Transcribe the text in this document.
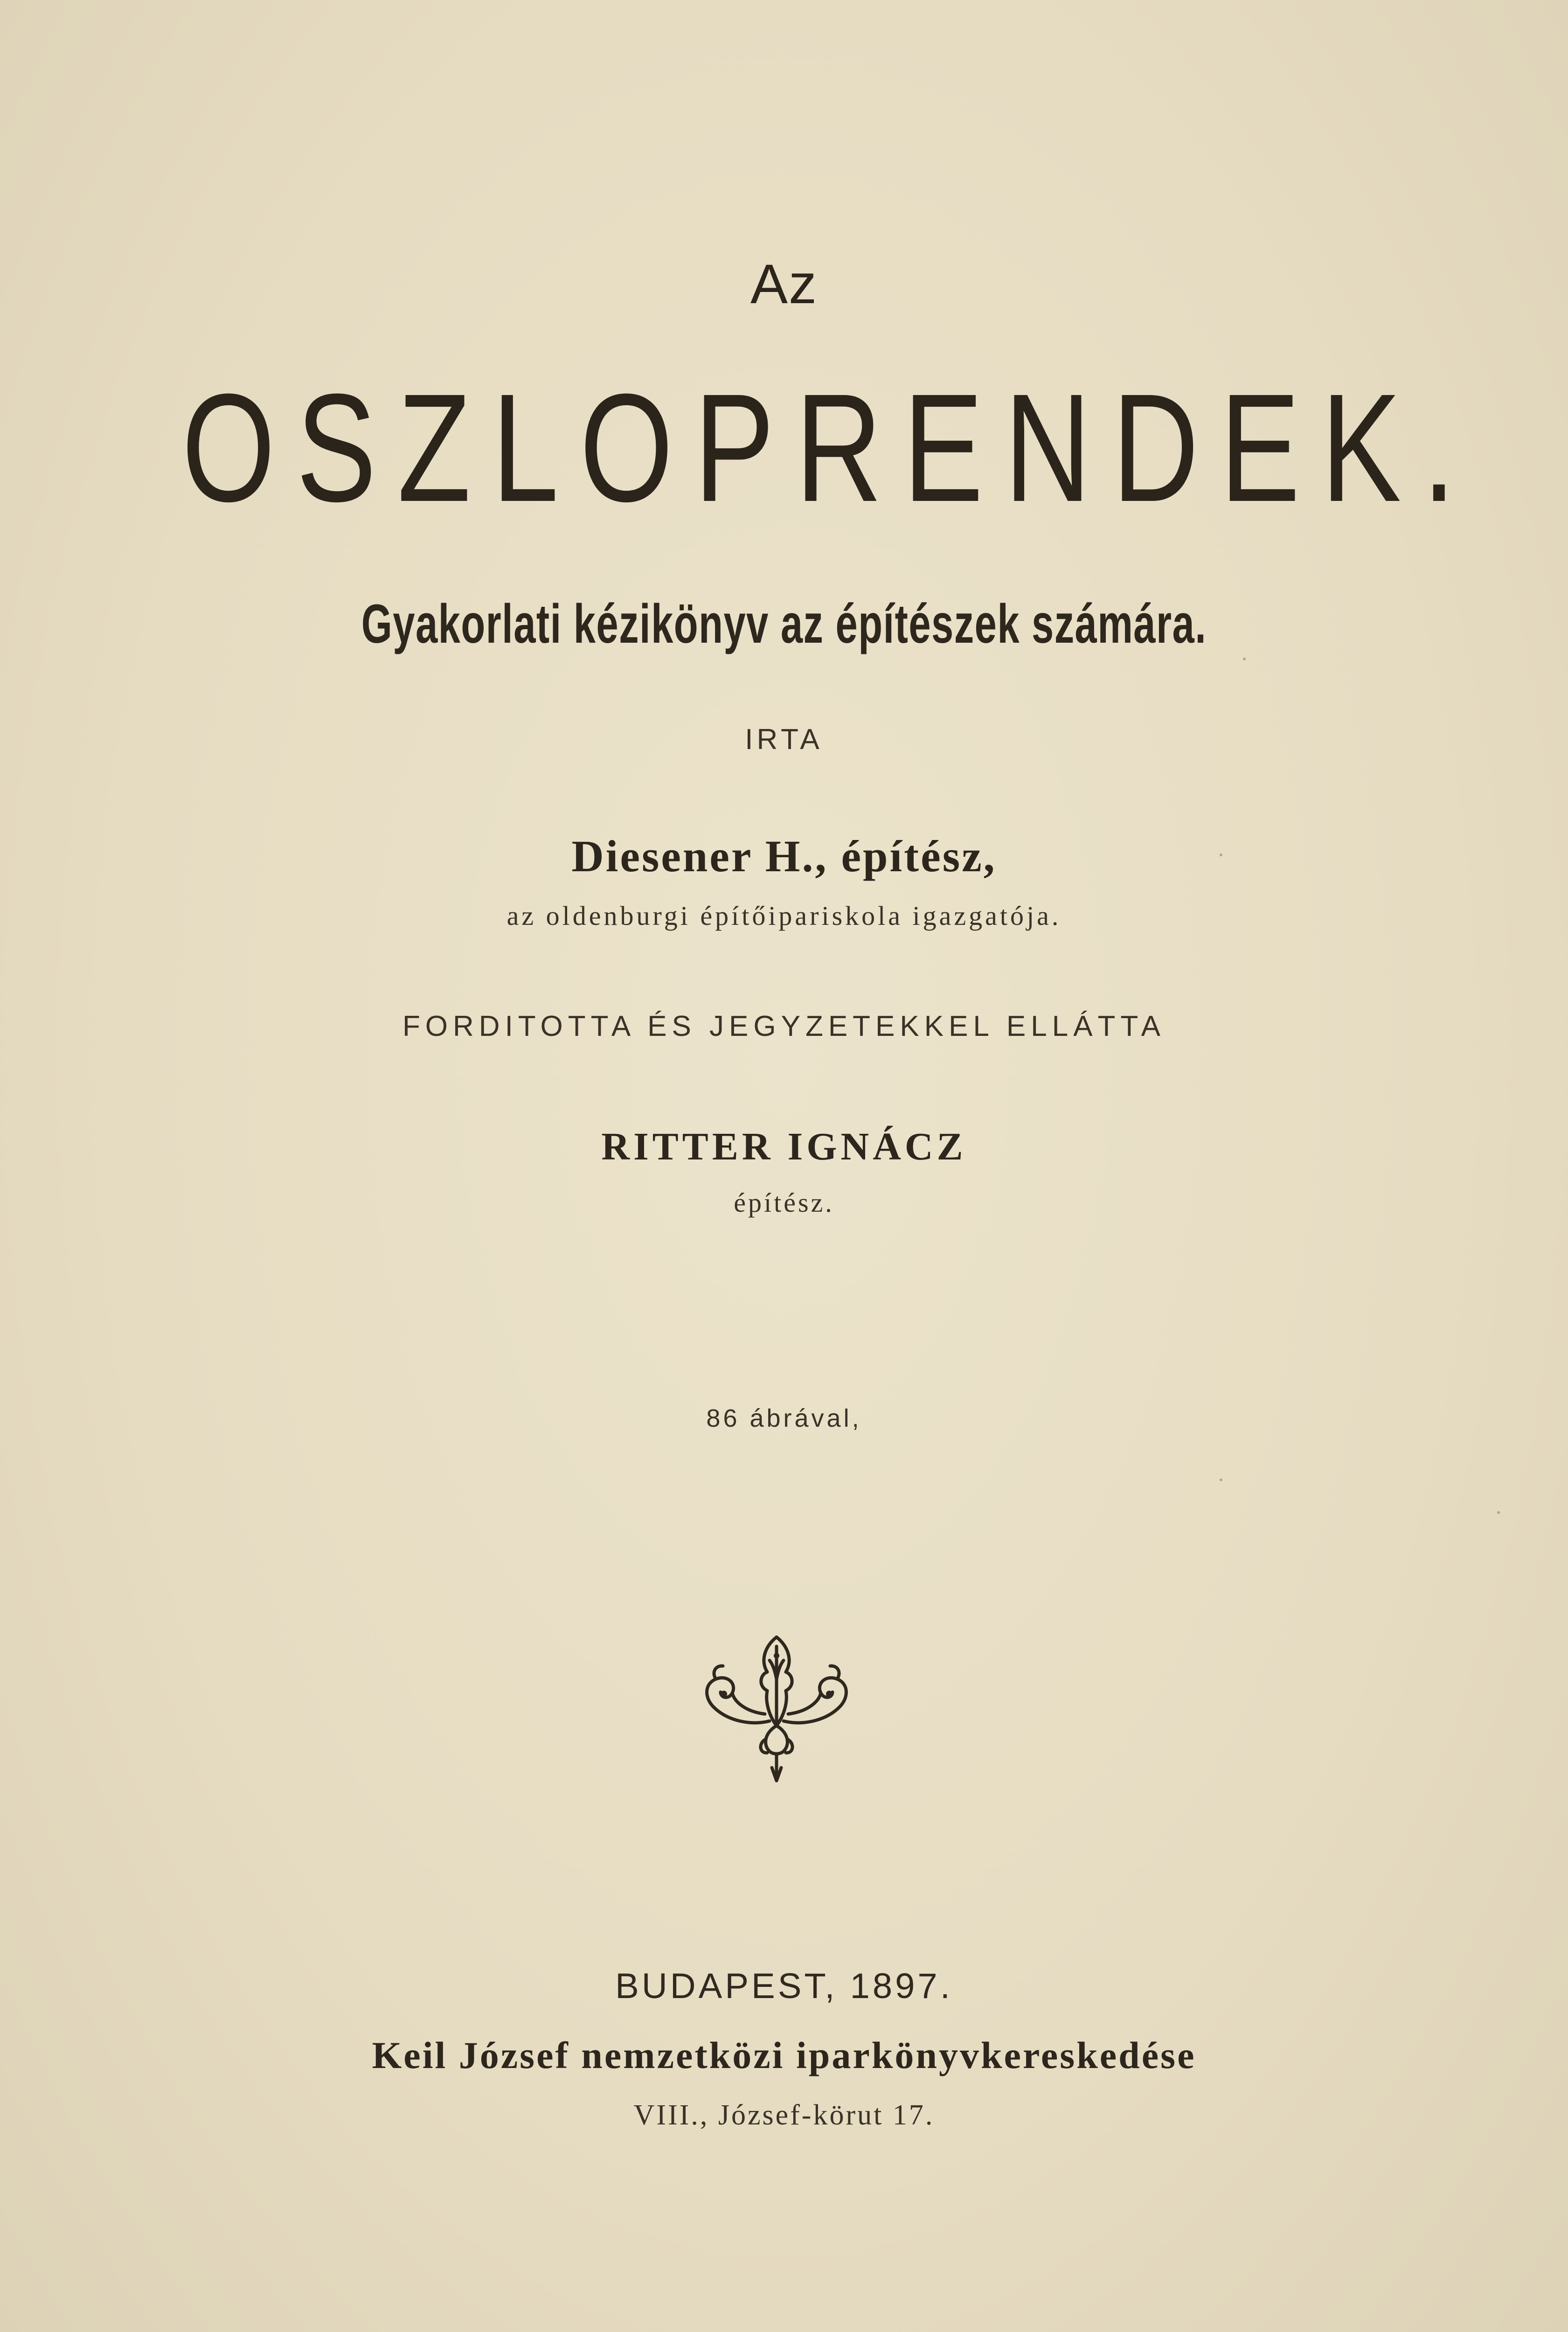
Az
OSZLOPRENDEK.
Gyakorlati kézikönyv az építészek számára.
IRTA
Diesener H., építész,
az oldenburgi építőipariskola igazgatója.
FORDITOTTA ÉS JEGYZETEKKEL ELLÁTTA
RITTER IGNÁCZ
építész.
86 ábrával,
BUDAPEST, 1897.
Keil József nemzetközi iparkönyvkereskedése
VIII., József-körut 17.
